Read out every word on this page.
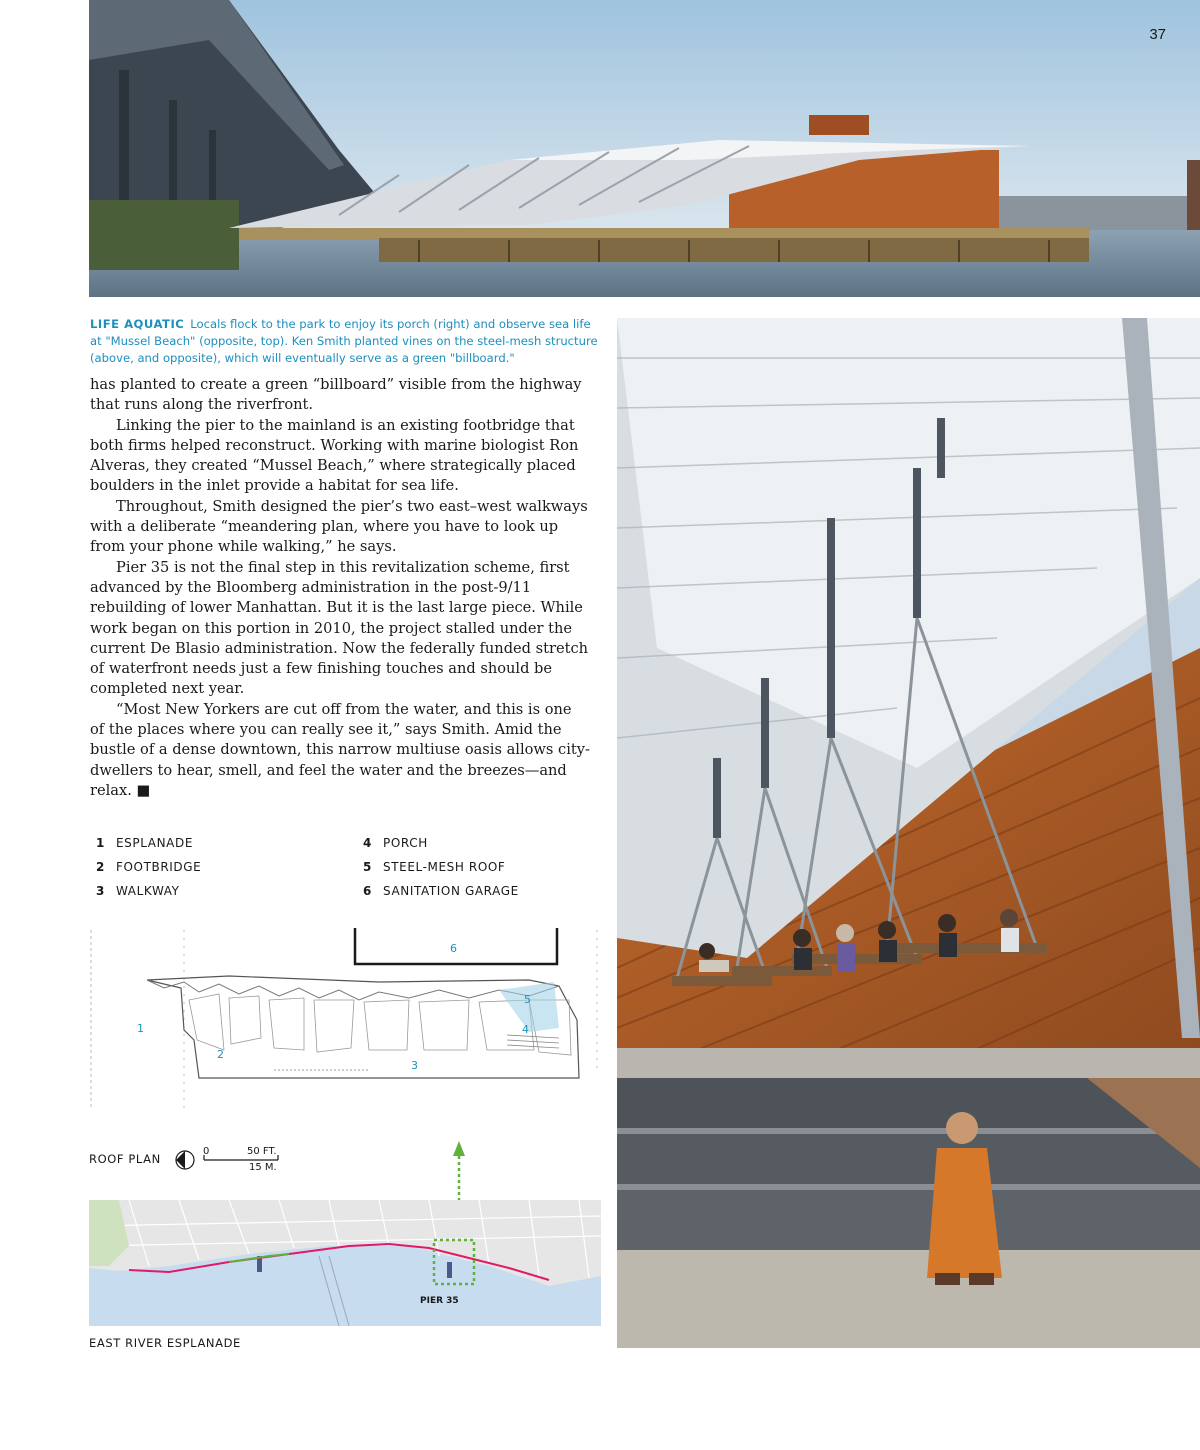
37
LIFE AQUATIC Locals flock to the park to enjoy its porch (right) and observe sea life at "Mussel Beach" (opposite, top). Ken Smith planted vines on the steel-mesh structure (above, and opposite), which will eventually serve as a green "billboard."

has planted to create a green “billboard” visible from the highway that runs along the riverfront.

Linking the pier to the mainland is an existing footbridge that both firms helped reconstruct. Working with marine biologist Ron Alveras, they created “Mussel Beach,” where strategically placed boulders in the inlet provide a habitat for sea life.

Throughout, Smith designed the pier’s two east–west walkways with a deliberate “meandering plan, where you have to look up from your phone while walking,” he says.

Pier 35 is not the final step in this revitalization scheme, first advanced by the Bloomberg administration in the post-9/11 rebuilding of lower Manhattan. But it is the last large piece. While work began on this portion in 2010, the project stalled under the current De Blasio administration. Now the federally funded stretch of waterfront needs just a few finishing touches and should be completed next year.

“Most New Yorkers are cut off from the water, and this is one of the places where you can really see it,” says Smith. Amid the bustle of a dense downtown, this narrow multiuse oasis allows city-dwellers to hear, smell, and feel the water and the breezes—and relax. ■

1 ESPLANADE
2 FOOTBRIDGE
3 WALKWAY
4 PORCH
5 STEEL-MESH ROOF
6 SANITATION GARAGE
1
2
3
4
5
6
ROOF PLAN
0	50 FT.
15 M.
PIER 35
EAST RIVER ESPLANADE
